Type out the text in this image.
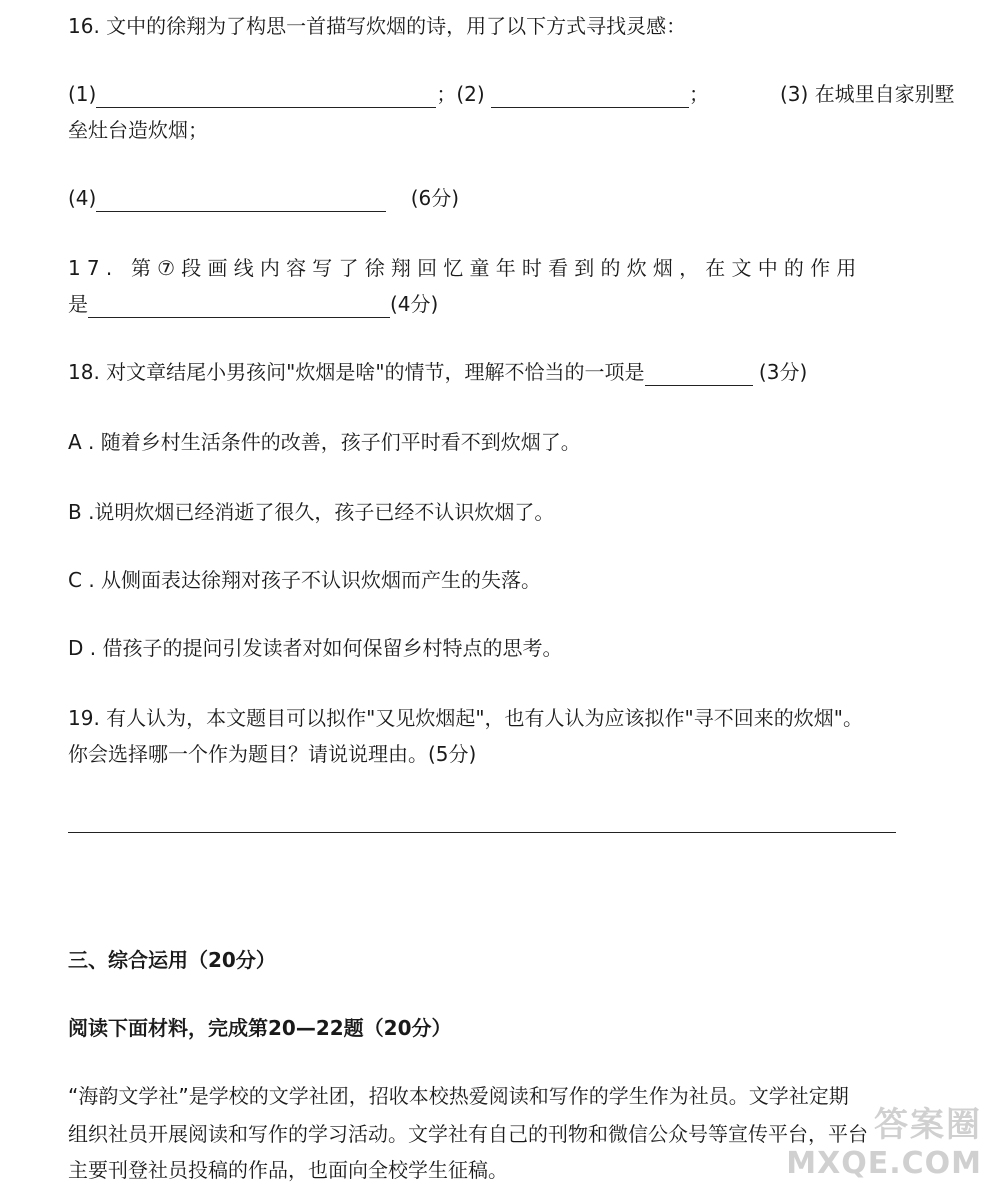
16. 文中的徐翔为了构思一首描写炊烟的诗，用了以下方式寻找灵感：
(1)	；(2)	；	(3) 在城里自家别墅
垒灶台造炊烟；
(4)	(6分)
17. 第⑦段画线内容写了徐翔回忆童年时看到的炊烟，在文中的作用
是	(4分)
18. 对文章结尾小男孩问"炊烟是啥"的情节，理解不恰当的一项是	(3分)
A . 随着乡村生活条件的改善，孩子们平时看不到炊烟了。
B .说明炊烟已经消逝了很久，孩子已经不认识炊烟了。
C . 从侧面表达徐翔对孩子不认识炊烟而产生的失落。
D . 借孩子的提问引发读者对如何保留乡村特点的思考。
19. 有人认为，本文题目可以拟作"又见炊烟起"，也有人认为应该拟作"寻不回来的炊烟"。
你会选择哪一个作为题目？请说说理由。(5分)
三、综合运用（20分）
阅读下面材料，完成第20—22题（20分）
“海韵文学社”是学校的文学社团，招收本校热爱阅读和写作的学生作为社员。文学社定期
组织社员开展阅读和写作的学习活动。文学社有自己的刊物和微信公众号等宣传平台，平台
主要刊登社员投稿的作品，也面向全校学生征稿。
答案圈
MXQE.COM
